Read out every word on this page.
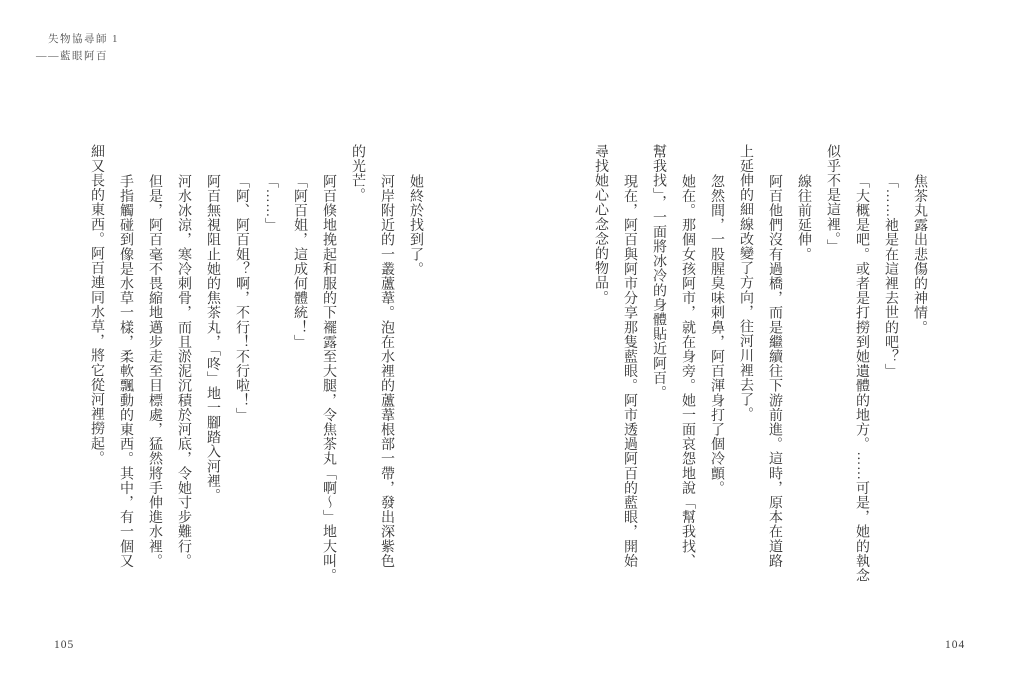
失物協尋師 1
——藍眼阿百

焦茶丸露出悲傷的神情。

「……祂是在這裡去世的吧？」

「大概是吧。或者是打撈到她遺體的地方。……可是，她的執念

似乎不是這裡。」

線往前延伸。

阿百他們沒有過橋，而是繼續往下游前進。這時，原本在道路

上延伸的細線改變了方向，往河川裡去了。

忽然間，一股腥臭味刺鼻，阿百渾身打了個冷顫。

她在。那個女孩阿市，就在身旁。她一面哀怨地說「幫我找、

幫我找」，一面將冰冷的身體貼近阿百。

現在，阿百與阿市分享那隻藍眼。阿市透過阿百的藍眼，開始

尋找她心心念念的物品。

她終於找到了。

河岸附近的一叢蘆葦。泡在水裡的蘆葦根部一帶，發出深紫色

的光芒。

阿百倏地挽起和服的下襬露至大腿，令焦茶丸「啊～」地大叫。

「阿百姐，這成何體統！」

「……」

「阿、阿百姐？啊，不行！不行啦！」

阿百無視阻止她的焦茶丸，「咚」地一腳踏入河裡。

河水冰涼，寒冷刺骨，而且淤泥沉積於河底，令她寸步難行。

但是，阿百毫不畏縮地邁步走至目標處，猛然將手伸進水裡。

手指觸碰到像是水草一樣，柔軟飄動的東西。其中，有一個又

細又長的東西。阿百連同水草，將它從河裡撈起。

104
105
